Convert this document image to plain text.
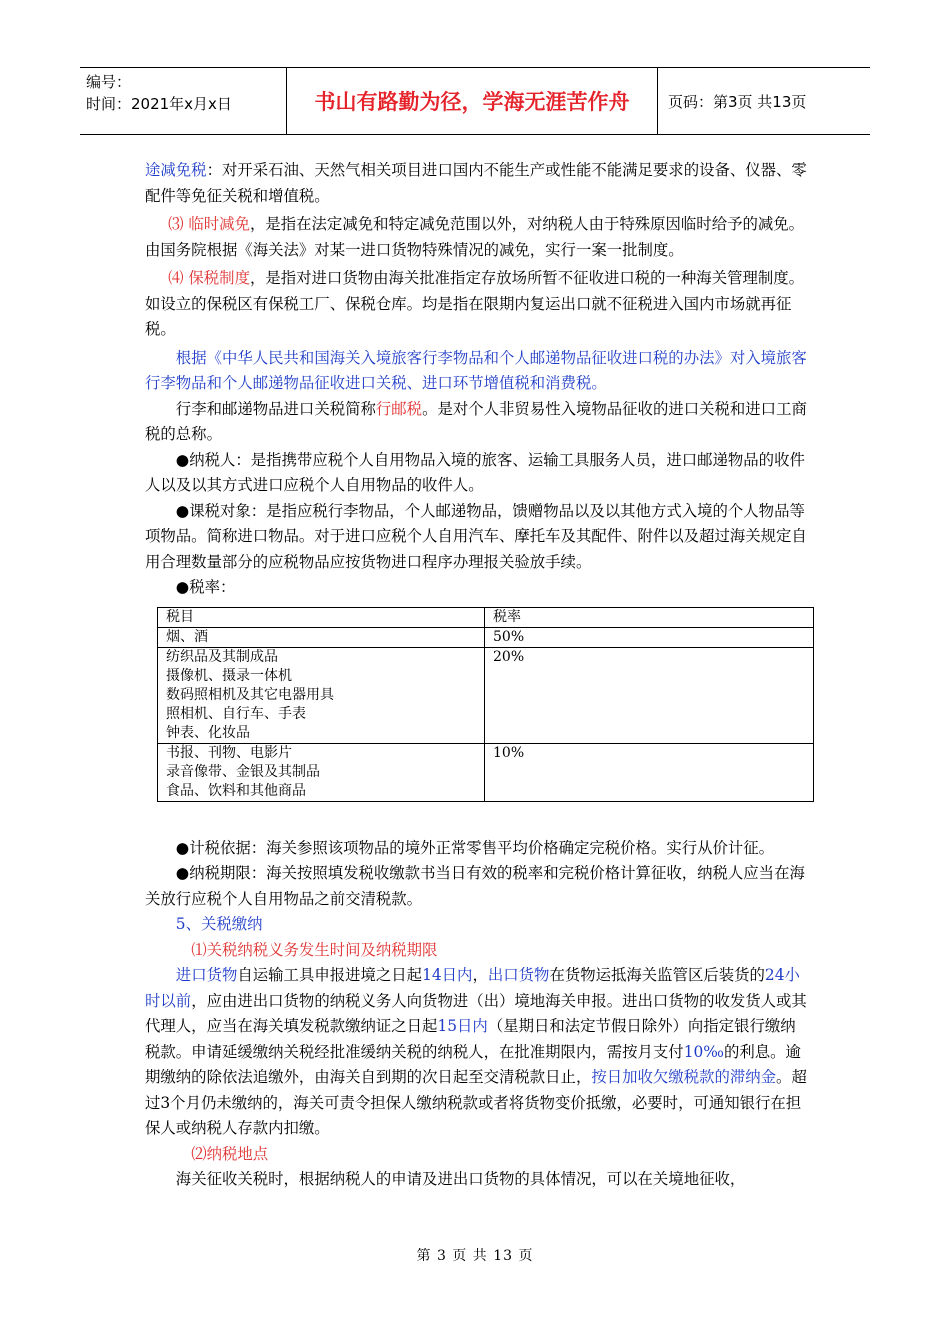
编号：
时间：2021年x月x日	书山有路勤为径，学海无涯苦作舟	页码：第3页 共13页

途减免税：对开采石油、天然气相关项目进口国内不能生产或性能不能满足要求的设备、仪器、零配件等免征关税和增值税。

⑶ 临时减免，是指在法定减免和特定减免范围以外，对纳税人由于特殊原因临时给予的减免。由国务院根据《海关法》对某一进口货物特殊情况的减免，实行一案一批制度。

⑷ 保税制度，是指对进口货物由海关批准指定存放场所暂不征收进口税的一种海关管理制度。如设立的保税区有保税工厂、保税仓库。均是指在限期内复运出口就不征税进入国内市场就再征税。

根据《中华人民共和国海关入境旅客行李物品和个人邮递物品征收进口税的办法》对入境旅客行李物品和个人邮递物品征收进口关税、进口环节增值税和消费税。

行李和邮递物品进口关税简称行邮税。是对个人非贸易性入境物品征收的进口关税和进口工商税的总称。

●纳税人：是指携带应税个人自用物品入境的旅客、运输工具服务人员，进口邮递物品的收件人以及以其方式进口应税个人自用物品的收件人。

●课税对象：是指应税行李物品，个人邮递物品，馈赠物品以及以其他方式入境的个人物品等项物品。简称进口物品。对于进口应税个人自用汽车、摩托车及其配件、附件以及超过海关规定自用合理数量部分的应税物品应按货物进口程序办理报关验放手续。

●税率：

税目	税率

烟、酒	50%

纺织品及其制成品
摄像机、摄录一体机
数码照相机及其它电器用具
照相机、自行车、手表
钟表、化妆品	20%

书报、刊物、电影片
录音像带、金银及其制品
食品、饮料和其他商品	10%

●计税依据：海关参照该项物品的境外正常零售平均价格确定完税价格。实行从价计征。

●纳税期限：海关按照填发税收缴款书当日有效的税率和完税价格计算征收，纳税人应当在海关放行应税个人自用物品之前交清税款。

5、关税缴纳

⑴关税纳税义务发生时间及纳税期限

进口货物自运输工具申报进境之日起14日内，出口货物在货物运抵海关监管区后装货的24小时以前，应由进出口货物的纳税义务人向货物进（出）境地海关申报。进出口货物的收发货人或其代理人，应当在海关填发税款缴纳证之日起15日内（星期日和法定节假日除外）向指定银行缴纳税款。申请延缓缴纳关税经批准缓纳关税的纳税人，在批准期限内，需按月支付10‰的利息。逾期缴纳的除依法追缴外，由海关自到期的次日起至交清税款日止，按日加收欠缴税款的滞纳金。超过3个月仍未缴纳的，海关可责令担保人缴纳税款或者将货物变价抵缴，必要时，可通知银行在担保人或纳税人存款内扣缴。

⑵纳税地点

海关征收关税时，根据纳税人的申请及进出口货物的具体情况，可以在关境地征收，

第 3 页 共 13 页
